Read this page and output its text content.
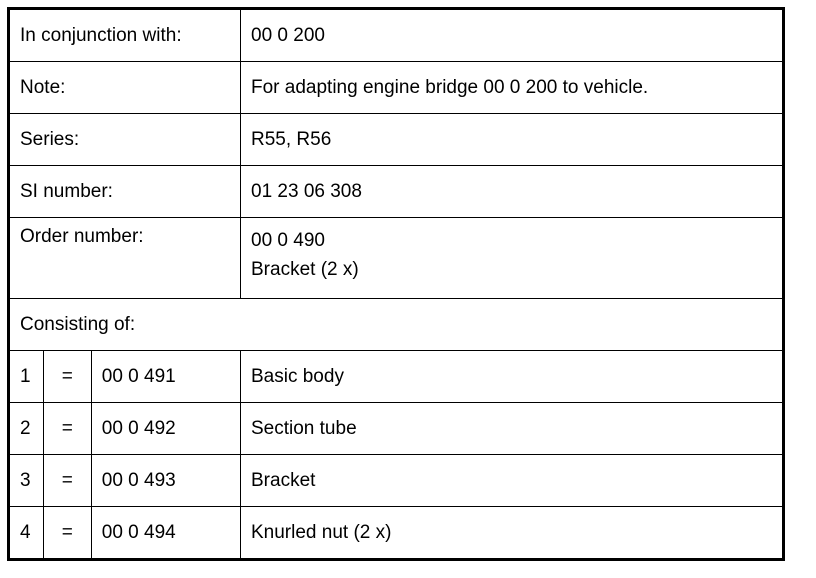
In conjunction with:			00 0 200
Note:			For adapting engine bridge 00 0 200 to vehicle.
Series:			R55, R56
SI number:			01 23 06 308
Order number:			00 0 490
Bracket (2 x)

Consisting of:			
1	=	00 0 491	Basic body
2	=	00 0 492	Section tube
3	=	00 0 493	Bracket
4	=	00 0 494	Knurled nut (2 x)
